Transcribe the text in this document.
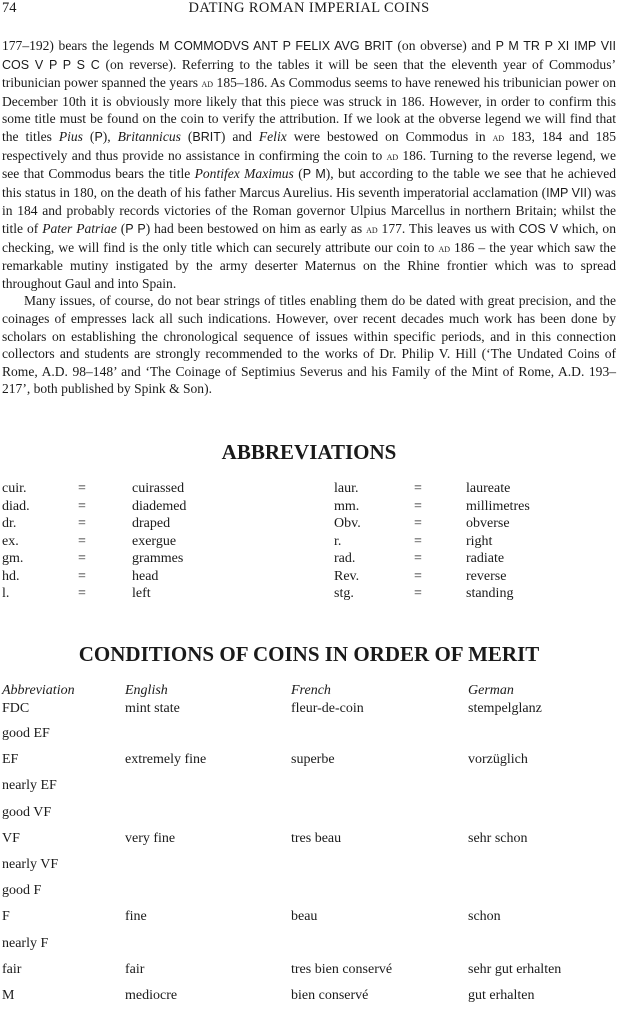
74	DATING ROMAN IMPERIAL COINS

177–192) bears the legends M COMMODVS ANT P FELIX AVG BRIT (on obverse) and P M TR P XI IMP VII COS V P P S C (on reverse). Referring to the tables it will be seen that the eleventh year of Commodus’ tribunician power spanned the years ad 185–186. As Commodus seems to have renewed his tribunician power on December 10th it is obviously more likely that this piece was struck in 186. However, in order to confirm this some title must be found on the coin to verify the attribution. If we look at the obverse legend we will find that the titles Pius (P), Britannicus (BRIT) and Felix were bestowed on Commodus in ad 183, 184 and 185 respectively and thus provide no assistance in confirming the coin to ad 186. Turning to the reverse legend, we see that Commodus bears the title Pontifex Maximus (P M), but according to the table we see that he achieved this status in 180, on the death of his father Marcus Aurelius. His seventh imperatorial acclamation (IMP VII) was in 184 and probably records victories of the Roman governor Ulpius Marcellus in northern Britain; whilst the title of Pater Patriae (P P) had been bestowed on him as early as ad 177. This leaves us with COS V which, on checking, we will find is the only title which can securely attribute our coin to ad 186 – the year which saw the remarkable mutiny instigated by the army deserter Maternus on the Rhine frontier which was to spread throughout Gaul and into Spain.

Many issues, of course, do not bear strings of titles enabling them do be dated with great precision, and the coinages of empresses lack all such indications. However, over recent decades much work has been done by scholars on establishing the chronological sequence of issues within specific periods, and in this connection collectors and students are strongly recommended to the works of Dr. Philip V. Hill (‘The Undated Coins of Rome, A.D. 98–148’ and ‘The Coinage of Septimius Severus and his Family of the Mint of Rome, A.D. 193–217’, both published by Spink & Son).

ABBREVIATIONS
cuir.	=	cuirassed	laur.	=	laureate
diad.	=	diademed	mm.	=	millimetres
dr.	=	draped	Obv.	=	obverse
ex.	=	exergue	r.	=	right
gm.	=	grammes	rad.	=	radiate
hd.	=	head	Rev.	=	reverse
l.	=	left	stg.	=	standing
CONDITIONS OF COINS IN ORDER OF MERIT
Abbreviation	English	French	German
FDC	mint state	fleur-de-coin	stempelglanz
good EF
EF	extremely fine	superbe	vorzüglich
nearly EF
good VF
VF	very fine	tres beau	sehr schon
nearly VF
good F
F	fine	beau	schon
nearly F
fair	fair	tres bien conservé	sehr gut erhalten
M	mediocre	bien conservé	gut erhalten
